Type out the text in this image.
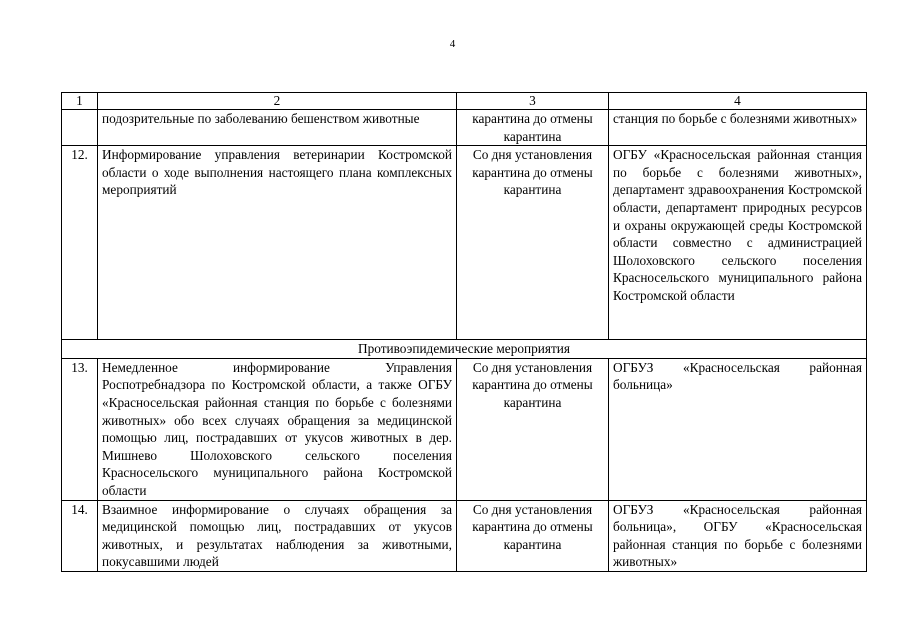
4
1	2	3	4
	подозрительные по заболеванию бешенством животные	карантина до отмены карантина	станция по борьбе с болезнями животных»
12.	Информирование управления ветеринарии Костромской области о ходе выполнения настоящего плана комплексных мероприятий	Со дня установления карантина до отмены карантина	ОГБУ «Красносельская районная станция по борьбе с болезнями животных», департамент здравоохранения Костромской области, департамент природных ресурсов и охраны окружающей среды Костромской области совместно с администрацией Шолоховского сельского поселения Красносельского муниципального района Костромской области
Противоэпидемические мероприятия			
13.	Немедленное информирование Управления Роспотребнадзора по Костромской области, а также ОГБУ «Красносельская районная станция по борьбе с болезнями животных» обо всех случаях обращения за медицинской помощью лиц, пострадавших от укусов животных в дер. Мишнево Шолоховского сельского поселения Красносельского муниципального района Костромской области	Со дня установления карантина до отмены карантина	ОГБУЗ «Красносельская районная больница»
14.	Взаимное информирование о случаях обращения за медицинской помощью лиц, пострадавших от укусов животных, и результатах наблюдения за животными, покусавшими людей	Со дня установления карантина до отмены карантина	ОГБУЗ «Красносельская районная больница», ОГБУ «Красносельская районная станция по борьбе с болезнями животных»
